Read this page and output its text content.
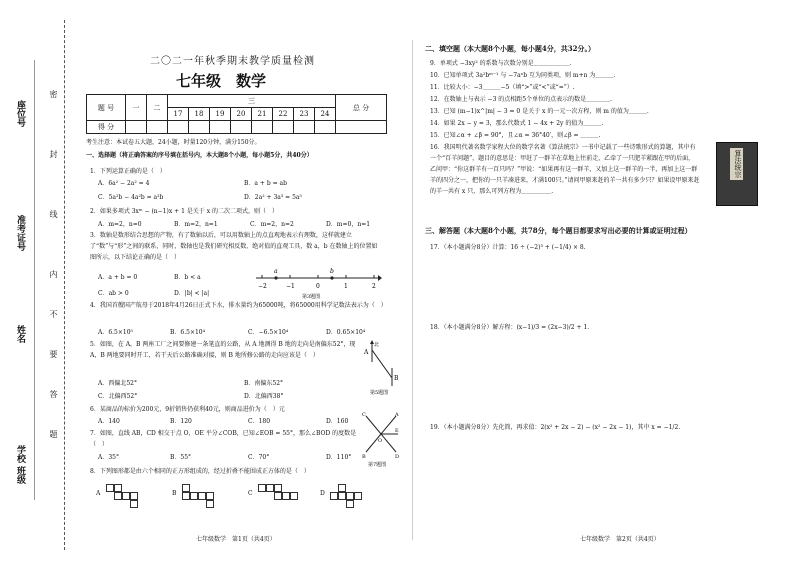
学校 班级
姓名
准考证号
座位号
密
封
线
内
不
要
答
题
二〇二一年秋季期末教学质量检测
七年级　数学
题 号	一	二	三								总 分
			17	18	19	20	21	22	23	24	
得 分											
考生注意：本试卷五大题，24小题，时量120分钟，满分150分。
一、选择题（将正确答案的序号填在括号内，本大题8个小题，每小题5分，共40分）
1．下列运算正确的是（　）
A．6a² − 2a² = 4	B．a + b = ab
C．5a²b − 4a²b = a²b	D．2a² + 3a³ = 5a⁵
2．如果多项式 3xᵐ − (n−1)x + 1 是关于 x 的二次二项式，则（　）
A．m=2，n=0	B．m=2，n=1	C．m=2，n=2	D．m=0，n=1
3．数轴是数形结合思想的产物，有了数轴以后，可以用数轴上的点直观地表示有理数，这样就建立了“数”与“形”之间的联系，同时，数轴也是我们研究相反数、绝对值的直观工具，数 a，b 在数轴上的位置如图所示，以下结论正确的是（　）
A．a + b = 0	B．b < a
C．ab > 0	D．|b| < |a|
a	b
−2	−1	0	1	2
第3题图
4．我国首艘国产航母于2018年4月26日正式下水，排水量约为65000吨，将65000用科学记数法表示为（　）
A．6.5×10⁵	B．6.5×10⁴	C．−6.5×10⁴	D．0.65×10⁴
5．如图，在 A，B 两座工厂之间要修建一条笔直的公路，从 A 地测得 B 地的走向是南偏东52°，现 A，B 两地要同时开工，若干天后公路准确对接，则 B 地所修公路的走向应该是（　）
A．西偏北52°	B．南偏东52°
C．北偏西52°	D．北偏西38°
北
A
B
第5题图
6．某商品的标价为200元，9折销售仍获利40元，则商品进价为（　）元
A．140	B．120	C．180	D．160
7．如图，直线 AB，CD 相交于点 O，OE 平分∠COB，已知∠EOB = 55°，那么∠BOD 的度数是（　）
A．35°	B．55°	C．70°	D．110°
C	A
B	D
E
O
第7题图
8．下列图形都是由六个相同的正方形组成的，经过折叠不能围成正方体的是（　）
A	B	C	D
七年级数学　第1页（共4页）
二、填空题（本大题8个小题，每小题4分，共32分。）
9．单项式 −3xy² 的系数与次数分别是＿＿＿＿＿＿.
10．已知单项式 3a²bᵐ⁻¹ 与 −7aⁿb 互为同类项，则 m+n 为＿＿＿.
11．比较大小：−3＿＿＿−5（填“>”或“<”或“=”）.
12．在数轴上与表示 −3 的点相距5个单位的点表示的数是＿＿＿＿.
13．已知 (m−1)x^|m| − 3 = 0 是关于 x 的一元一次方程，则 m 的值为＿＿＿.
14．如果 2x − y = 3，那么代数式 1 − 4x + 2y 的值为＿＿＿.
15．已知∠α + ∠β = 90°，且∠α = 36°40′，则∠β = ＿＿＿.
16．我国明代著名数学家程大位的数学名著《算法统宗》一书中记载了一些诗歌形式的算题，其中有一个“百羊问题”，题目的意思是：甲赶了一群羊在草地上往前走，乙牵了一只肥羊紧跟在甲的后面，乙问甲：“你这群羊有一百只吗？”甲说：“如果再有这一群羊，又加上这一群羊的一半，再加上这一群羊的四分之一，把你的一只羊凑进来，才满100只。”请问甲原来赶的羊一共有多少只？如果设甲原来赶的羊一共有 x 只，那么可列方程为＿＿＿＿＿.
算法统宗
三、解答题（本大题8个小题，共78分，每个题目都要求写出必要的计算或证明过程）
17．（本小题满分8分）计算：16 ÷ (−2)³ + (−1/4) × 8.
18．（本小题满分8分）解方程：(x−1)/3 = (2x−3)/2 + 1.
19．（本小题满分8分）先化简，再求值：2(x² + 2x − 2) − (x² − 2x − 1)，其中 x = −1/2.
七年级数学　第2页（共4页）
